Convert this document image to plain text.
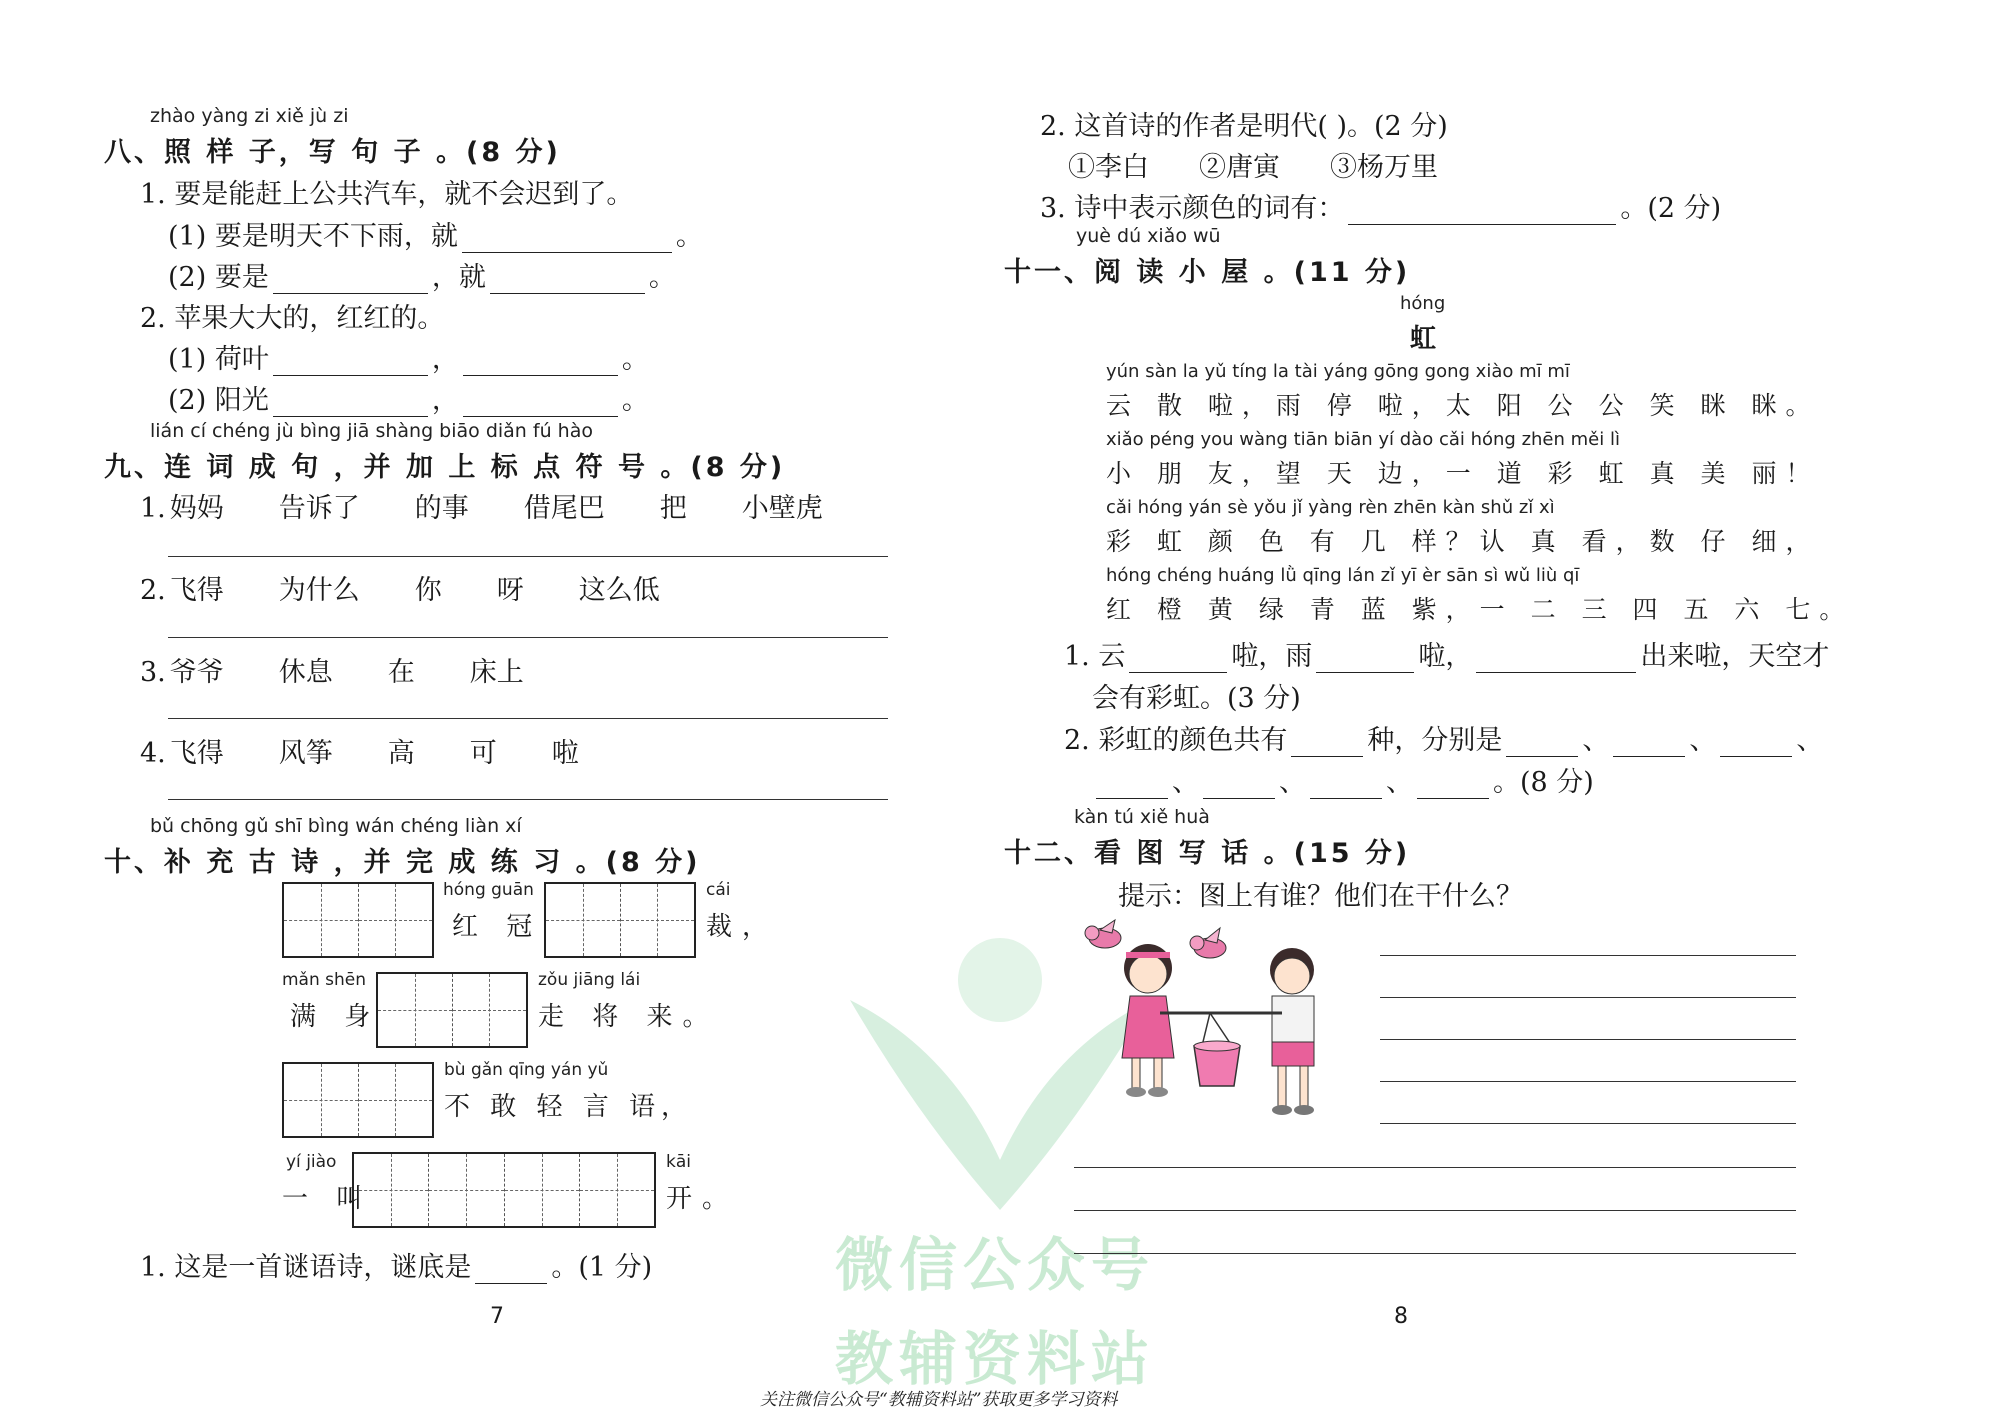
zhào yàng zi xiě jù zi
八、照 样 子，写 句 子 。(8 分)
1. 要是能赶上公共汽车，就不会迟到了。
(1) 要是明天不下雨，就	。
(2) 要是	，就	。
2. 苹果大大的，红红的。
(1) 荷叶	，	。
(2) 阳光	，	。
lián cí chéng jù bìng jiā shàng biāo diǎn fú hào
九、连 词 成 句 ，并 加 上 标 点 符 号 。(8 分)
1. 妈妈 告诉了 的事 借尾巴 把 小壁虎
2. 飞得 为什么 你 呀 这么低
3. 爷爷 休息 在 床上
4. 飞得 风筝 高 可 啦
bǔ chōng gǔ shī bìng wán chéng liàn xí
十、补 充 古 诗 ，并 完 成 练 习 。(8 分)
hóng guān
红 冠
cái
裁，
mǎn shēn
满 身
zǒu jiāng lái
走 将 来。
bù gǎn qīng yán yǔ
不 敢 轻 言 语，
yí jiào
一 叫
kāi
开。
1. 这是一首谜语诗，谜底是	。(1 分)
7
2. 这首诗的作者是明代( )。(2 分)
①李白 ②唐寅 ③杨万里
3. 诗中表示颜色的词有：	。(2 分)
yuè dú xiǎo wū
十一、阅 读 小 屋 。(11 分)
hóng
虹
yún sàn la yǔ tíng la tài yáng gōng gong xiào mī mī
云 散 啦，雨 停 啦，太 阳 公 公 笑 眯 眯。
xiǎo péng you wàng tiān biān yí dào cǎi hóng zhēn měi lì
小 朋 友，望 天 边，一 道 彩 虹 真 美 丽！
cǎi hóng yán sè yǒu jǐ yàng rèn zhēn kàn shǔ zǐ xì
彩 虹 颜 色 有 几 样？认 真 看，数 仔 细，
hóng chéng huáng lǜ qīng lán zǐ yī èr sān sì wǔ liù qī
红 橙 黄 绿 青 蓝 紫，一 二 三 四 五 六 七。
1. 云	啦，雨	啦，	出来啦，天空才
会有彩虹。(3 分)
2. 彩虹的颜色共有	种，分别是	、	、	、
、	、	、	。(8 分)
kàn tú xiě huà
十二、看 图 写 话 。(15 分)
提示：图上有谁？他们在干什么？
微信公众号
教辅资料站
8
关注微信公众号“教辅资料站”获取更多学习资料
